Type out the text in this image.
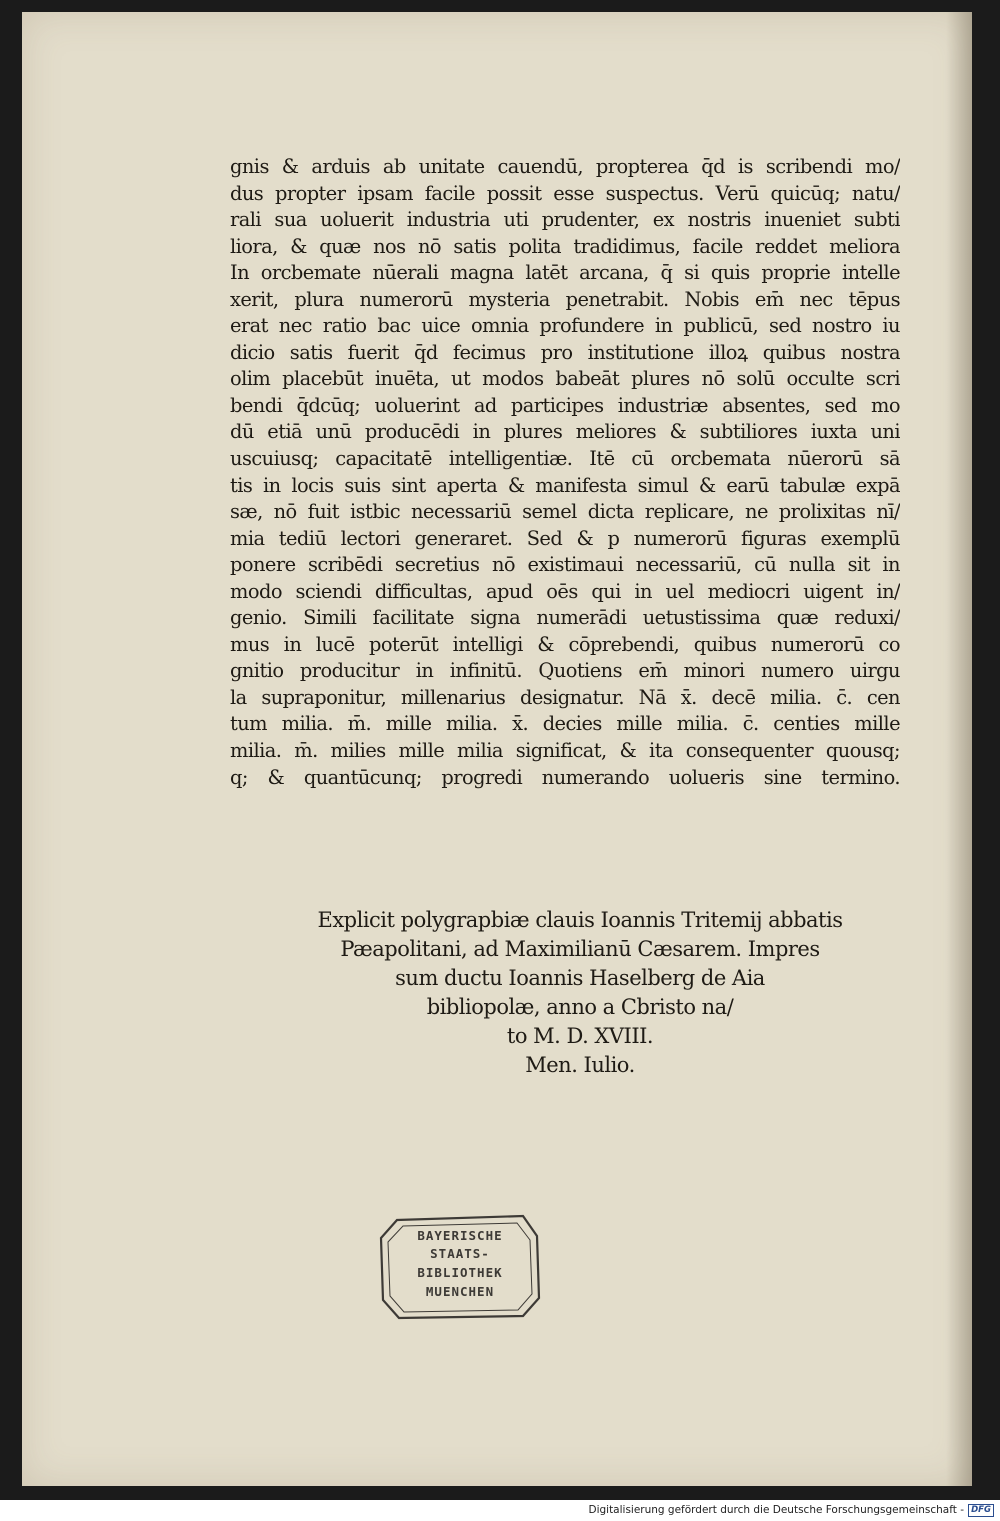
gnis & arduis ab unitate cauendū, propterea q̄d is scribendi mo/
dus propter ipsam facile possit esse suspectus. Verū quicūq; natu/
rali sua uoluerit industria uti prudenter, ex nostris inueniet subti
liora, & quæ nos nō satis polita tradidimus, facile reddet meliora
In orcbemate nūerali magna latēt arcana, q̄ si quis proprie intelle
xerit, plura numerorū mysteria penetrabit. Nobis em̄ nec tēpus
erat nec ratio bac uice omnia profundere in publicū, sed nostro iu
dicio satis fuerit q̄d fecimus pro institutione illoꝝ quibus nostra
olim placebūt inuēta, ut modos babeāt plures nō solū occulte scri
bendi q̄dcūq; uoluerint ad participes industriæ absentes, sed mo
dū etiā unū producēdi in plures meliores & subtiliores iuxta uni
uscuiusq; capacitatē intelligentiæ. Itē cū orcbemata nūerorū sā
tis in locis suis sint aperta & manifesta simul & earū tabulæ expā
sæ, nō fuit istbic necessariū semel dicta replicare, ne prolixitas nī/
mia tediū lectori generaret. Sed & p numerorū figuras exemplū
ponere scribēdi secretius nō existimaui necessariū, cū nulla sit in
modo sciendi difficultas, apud oēs qui in uel mediocri uigent in/
genio. Simili facilitate signa numerādi uetustissima quæ reduxi/
mus in lucē poterūt intelligi & cōprebendi, quibus numerorū co
gnitio producitur in infinitū. Quotiens em̄ minori numero uirgu
la supraponitur, millenarius designatur. Nā x̄. decē milia. c̄. cen
tum milia. m̄. mille milia. x̄. decies mille milia. c̄. centies mille
milia. m̄. milies mille milia significat, & ita consequenter quousq;
q; & quantūcunq; progredi numerando uolueris sine termino.
Explicit polygrapbiæ clauis Ioannis Tritemij abbatis
Pæapolitani, ad Maximilianū Cæsarem. Impres
sum ductu Ioannis Haselberg de Aia
bibliopolæ, anno a Cbristo na/
to M. D. XVIII.
Men. Iulio.
BAYERISCHE
STAATS-
BIBLIOTHEK
MUENCHEN
Digitalisierung gefördert durch die Deutsche Forschungsgemeinschaft - DFG
